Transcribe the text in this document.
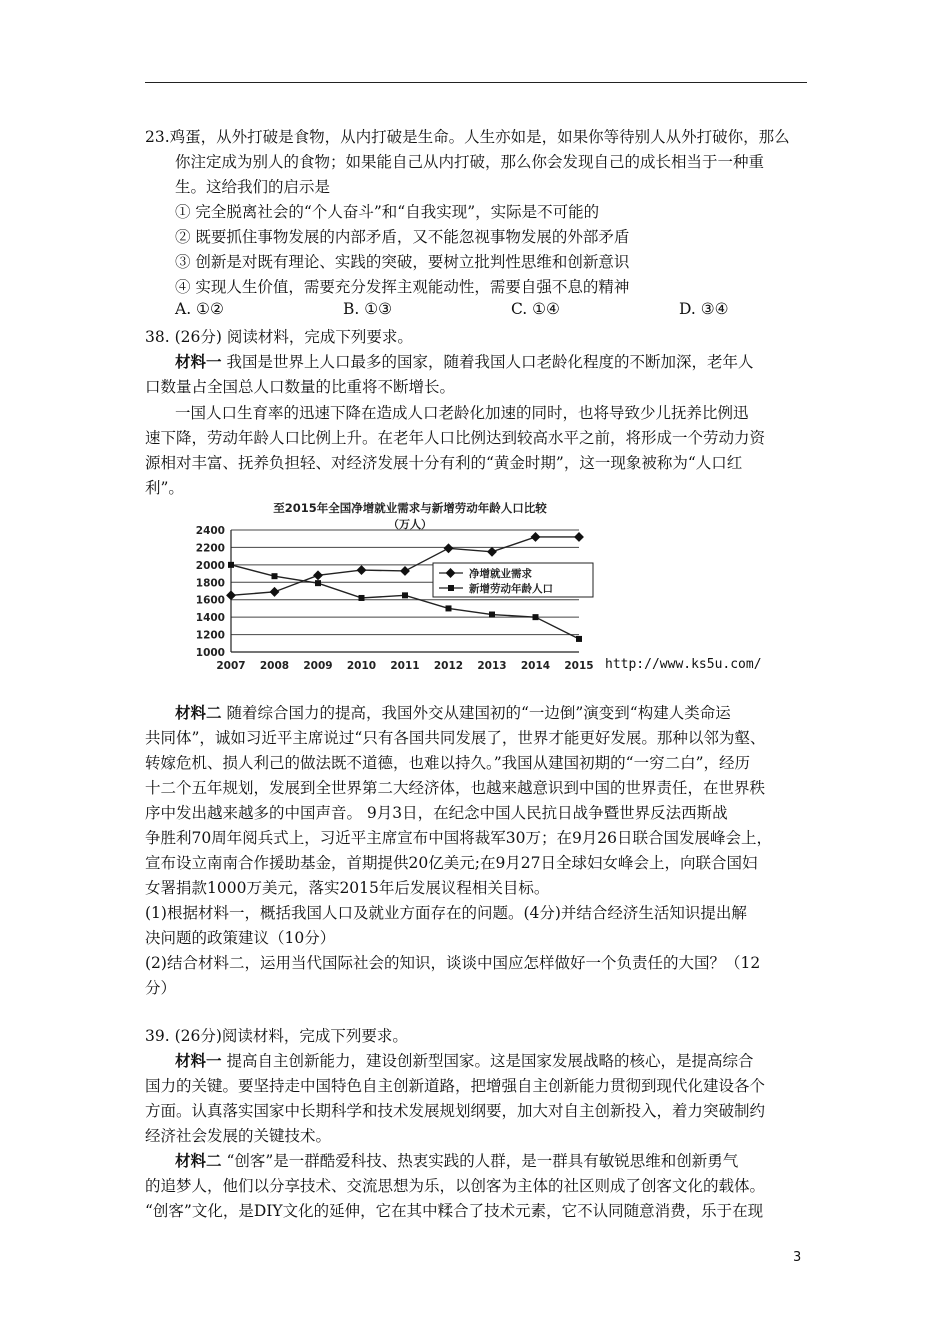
23.鸡蛋，从外打破是食物，从内打破是生命。人生亦如是，如果你等待别人从外打破你，那么
你注定成为别人的食物；如果能自己从内打破，那么你会发现自己的成长相当于一种重
生。这给我们的启示是
① 完全脱离社会的“个人奋斗”和“自我实现”，实际是不可能的
② 既要抓住事物发展的内部矛盾，又不能忽视事物发展的外部矛盾
③ 创新是对既有理论、实践的突破，要树立批判性思维和创新意识
④ 实现人生价值，需要充分发挥主观能动性，需要自强不息的精神
A. ①②	B. ①③	C. ①④	D. ③④
38. (26分) 阅读材料，完成下列要求。
材料一 我国是世界上人口最多的国家，随着我国人口老龄化程度的不断加深，老年人
口数量占全国总人口数量的比重将不断增长。
一国人口生育率的迅速下降在造成人口老龄化加速的同时，也将导致少儿抚养比例迅
速下降，劳动年龄人口比例上升。在老年人口比例达到较高水平之前，将形成一个劳动力资
源相对丰富、抚养负担轻、对经济发展十分有利的“黄金时期”，这一现象被称为“人口红
利”。
至2015年全国净增就业需求与新增劳动年龄人口比较
（万人）
2400
2200
2000
1800
1600
1400
1200
1000
2007 2008 2009 2010 2011 2012 2013 2014 2015
净增就业需求
新增劳动年龄人口
http://www.ks5u.com/
材料二 随着综合国力的提高，我国外交从建国初的“一边倒”演变到“构建人类命运
共同体”，诚如习近平主席说过“只有各国共同发展了，世界才能更好发展。那种以邻为壑、
转嫁危机、损人利己的做法既不道德，也难以持久。”我国从建国初期的“一穷二白”，经历
十二个五年规划，发展到全世界第二大经济体，也越来越意识到中国的世界责任，在世界秩
序中发出越来越多的中国声音。 9月3日，在纪念中国人民抗日战争暨世界反法西斯战
争胜利70周年阅兵式上，习近平主席宣布中国将裁军30万；在9月26日联合国发展峰会上，
宣布设立南南合作援助基金，首期提供20亿美元;在9月27日全球妇女峰会上，向联合国妇
女署捐款1000万美元，落实2015年后发展议程相关目标。
(1)根据材料一，概括我国人口及就业方面存在的问题。(4分)并结合经济生活知识提出解
决问题的政策建议（10分）
(2)结合材料二，运用当代国际社会的知识，谈谈中国应怎样做好一个负责任的大国？（12
分）
39. (26分)阅读材料，完成下列要求。
材料一 提高自主创新能力，建设创新型国家。这是国家发展战略的核心，是提高综合
国力的关键。要坚持走中国特色自主创新道路，把增强自主创新能力贯彻到现代化建设各个
方面。认真落实国家中长期科学和技术发展规划纲要，加大对自主创新投入，着力突破制约
经济社会发展的关键技术。
材料二 “创客”是一群酷爱科技、热衷实践的人群，是一群具有敏锐思维和创新勇气
的追梦人，他们以分享技术、交流思想为乐，以创客为主体的社区则成了创客文化的载体。
“创客”文化，是DIY文化的延伸，它在其中糅合了技术元素，它不认同随意消费，乐于在现
3
